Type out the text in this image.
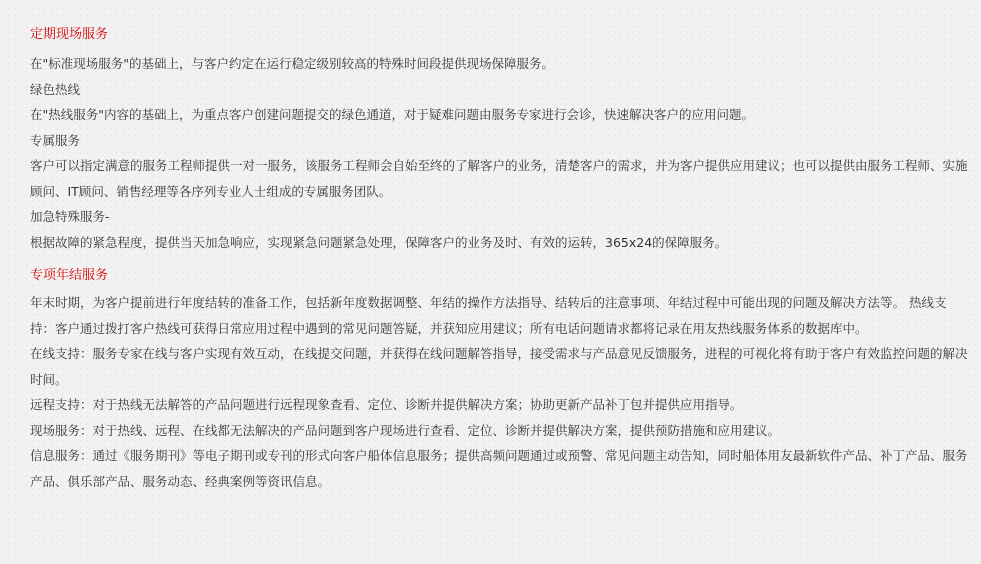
定期现场服务

在"标准现场服务"的基础上，与客户约定在运行稳定级别较高的特殊时间段提供现场保障服务。

绿色热线

在"热线服务"内容的基础上，为重点客户创建问题提交的绿色通道，对于疑难问题由服务专家进行会诊，快速解决客户的应用问题。

专属服务

客户可以指定满意的服务工程师提供一对一服务，该服务工程师会自始至终的了解客户的业务，清楚客户的需求，并为客户提供应用建议；也可以提供由服务工程师、实施顾问、IT顾问、销售经理等各序列专业人士组成的专属服务团队。

加急特殊服务-

根据故障的紧急程度，提供当天加急响应，实现紧急问题紧急处理，保障客户的业务及时、有效的运转，365x24的保障服务。

专项年结服务

年末时期，为客户提前进行年度结转的准备工作，包括新年度数据调整、年结的操作方法指导、结转后的注意事项、年结过程中可能出现的问题及解决方法等。 热线支持：客户通过拨打客户热线可获得日常应用过程中遇到的常见问题答疑，并获知应用建议；所有电话问题请求都将记录在用友热线服务体系的数据库中。

在线支持：服务专家在线与客户实现有效互动，在线提交问题，并获得在线问题解答指导，接受需求与产品意见反馈服务，进程的可视化将有助于客户有效监控问题的解决时间。

远程支持：对于热线无法解答的产品问题进行远程现象查看、定位、诊断并提供解决方案；协助更新产品补丁包并提供应用指导。

现场服务：对于热线、远程、在线都无法解决的产品问题到客户现场进行查看、定位、诊断并提供解决方案，提供预防措施和应用建议。

信息服务：通过《服务期刊》等电子期刊或专刊的形式向客户船体信息服务；提供高频问题通过或预警、常见问题主动告知，同时船体用友最新软件产品、补丁产品、服务产品、俱乐部产品、服务动态、经典案例等资讯信息。
